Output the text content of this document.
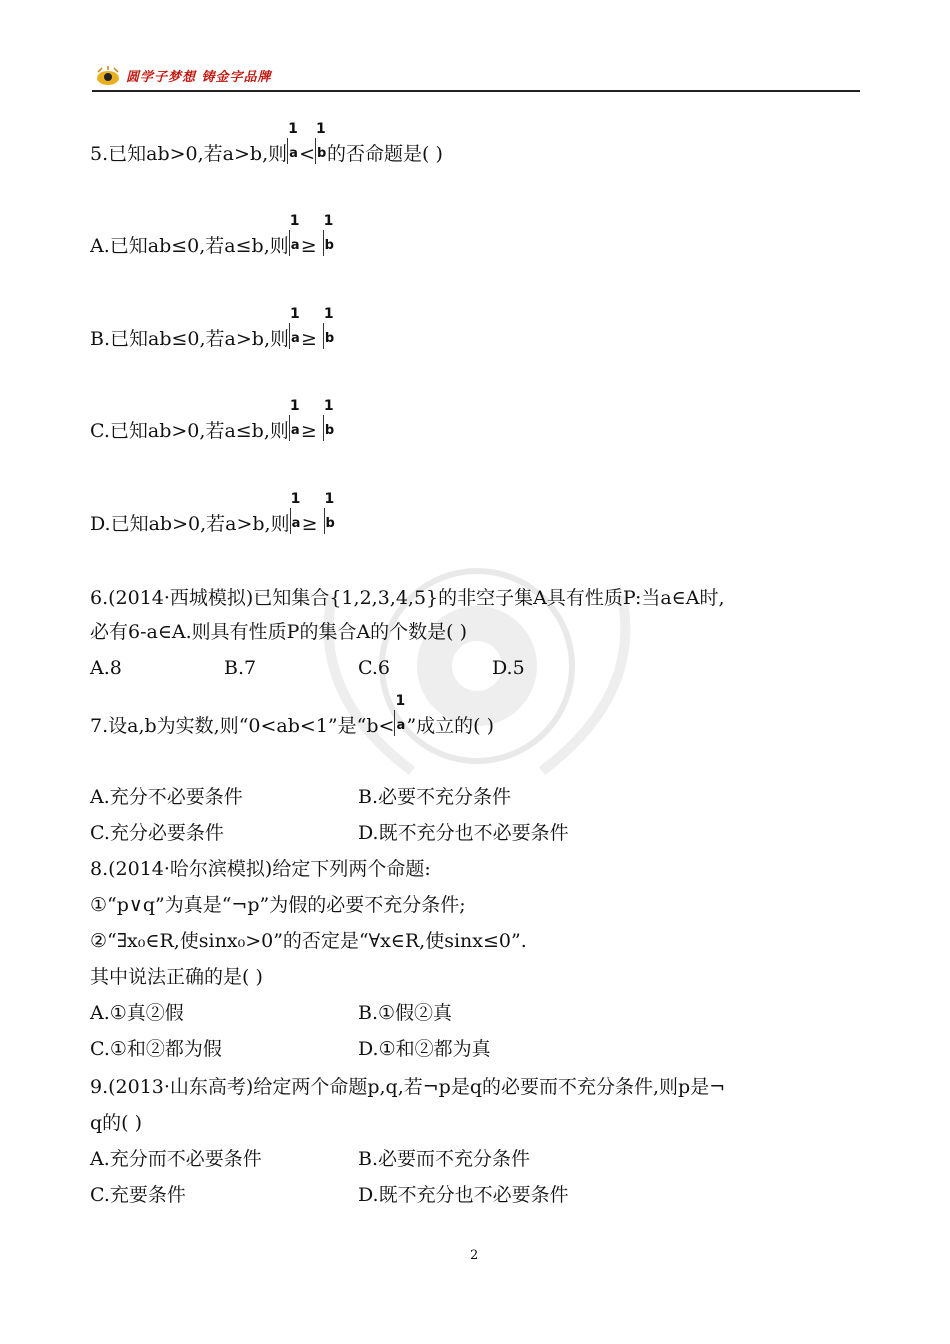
圆学子梦想 铸金字品牌
5.已知ab>0,若a>b,则
1
a <
1
b 的否命题是( )
A.已知ab≤0,若a≤b,则
1
a ≥
1
b
B.已知ab≤0,若a>b,则
1
a ≥
1
b
C.已知ab>0,若a≤b,则
1
a ≥
1
b
D.已知ab>0,若a>b,则
1
a ≥
1
b
6.(2014·西城模拟)已知集合{1,2,3,4,5}的非空子集A具有性质P:当a∈A时,
必有6-a∈A.则具有性质P的集合A的个数是( )
A.8	B.7	C.6	D.5
7.设a,b为实数,则“0<ab<1”是“b<
1
a ”成立的( )
A.充分不必要条件	B.必要不充分条件
C.充分必要条件	D.既不充分也不必要条件
8.(2014·哈尔滨模拟)给定下列两个命题:
①“p∨q”为真是“¬p”为假的必要不充分条件;
②“∃x₀∈R,使sinx₀>0”的否定是“∀x∈R,使sinx≤0”.
其中说法正确的是( )
A.①真②假	B.①假②真
C.①和②都为假	D.①和②都为真
9.(2013·山东高考)给定两个命题p,q,若¬p是q的必要而不充分条件,则p是¬
q的( )
A.充分而不必要条件	B.必要而不充分条件
C.充要条件	D.既不充分也不必要条件
2
